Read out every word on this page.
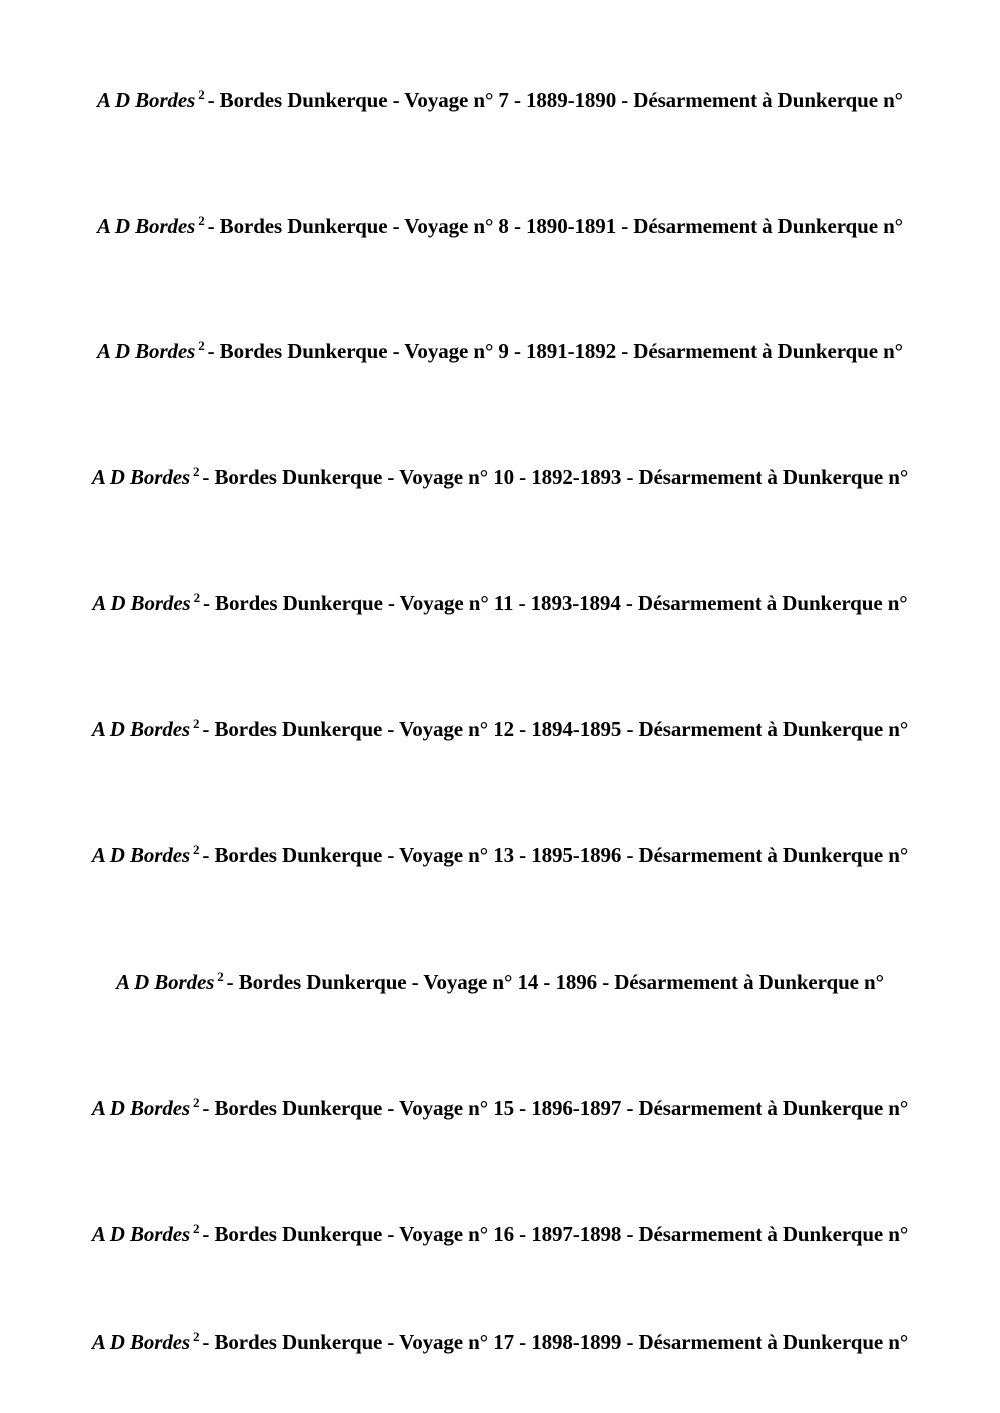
A D Bordes $^2$ - Bordes Dunkerque - Voyage n° 7 - 1889-1890 - Désarmement à Dunkerque n°
A D Bordes $^2$ - Bordes Dunkerque - Voyage n° 8 - 1890-1891 - Désarmement à Dunkerque n°
A D Bordes $^2$ - Bordes Dunkerque - Voyage n° 9 - 1891-1892 - Désarmement à Dunkerque n°
A D Bordes $^2$ - Bordes Dunkerque - Voyage n° 10 - 1892-1893 - Désarmement à Dunkerque n°
A D Bordes $^2$ - Bordes Dunkerque - Voyage n° 11 - 1893-1894 - Désarmement à Dunkerque n°
A D Bordes $^2$ - Bordes Dunkerque - Voyage n° 12 - 1894-1895 - Désarmement à Dunkerque n°
A D Bordes $^2$ - Bordes Dunkerque - Voyage n° 13 - 1895-1896 - Désarmement à Dunkerque n°
A D Bordes $^2$ - Bordes Dunkerque - Voyage n° 14 - 1896 - Désarmement à Dunkerque n°
A D Bordes $^2$ - Bordes Dunkerque - Voyage n° 15 - 1896-1897 - Désarmement à Dunkerque n°
A D Bordes $^2$ - Bordes Dunkerque - Voyage n° 16 - 1897-1898 - Désarmement à Dunkerque n°
A D Bordes $^2$ - Bordes Dunkerque - Voyage n° 17 - 1898-1899 - Désarmement à Dunkerque n°
